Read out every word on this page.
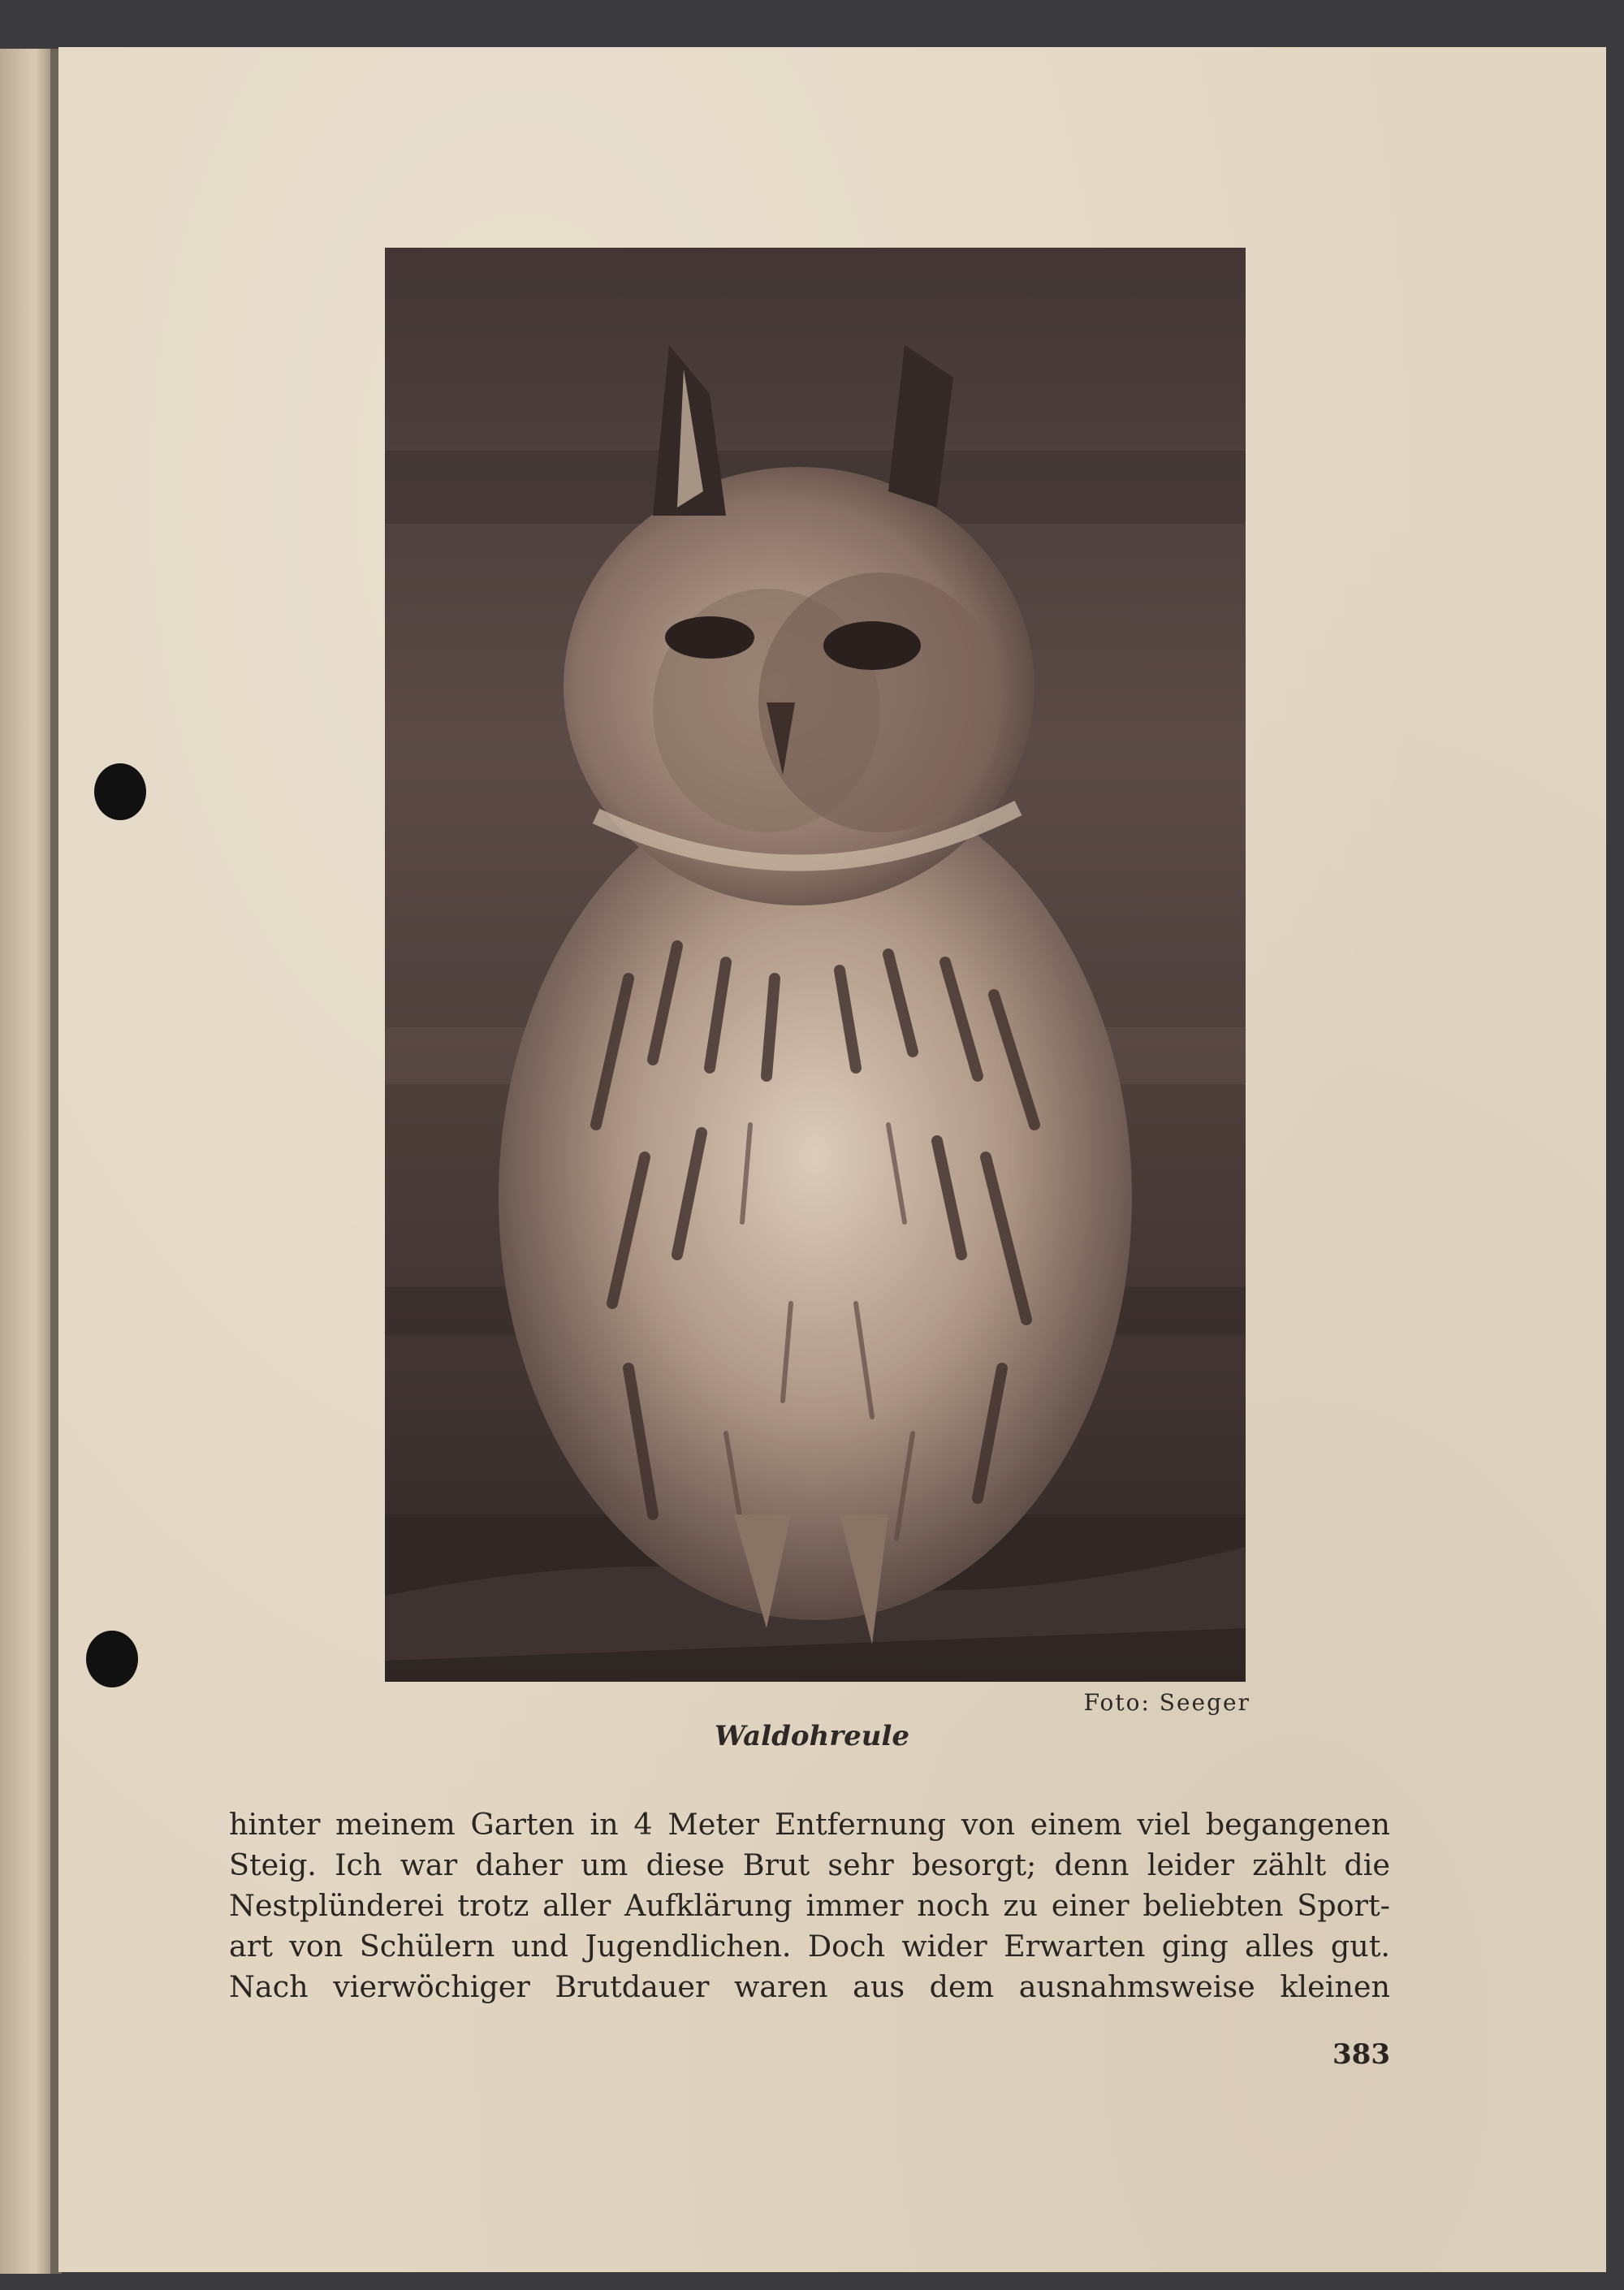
Foto: Seeger
Waldohreule
hinter meinem Garten in 4 Meter Entfernung von einem viel begangenen
Steig. Ich war daher um diese Brut sehr besorgt; denn leider zählt die
Nestplünderei trotz aller Aufklärung immer noch zu einer beliebten Sport-
art von Schülern und Jugendlichen. Doch wider Erwarten ging alles gut.
Nach vierwöchiger Brutdauer waren aus dem ausnahmsweise kleinen
383
